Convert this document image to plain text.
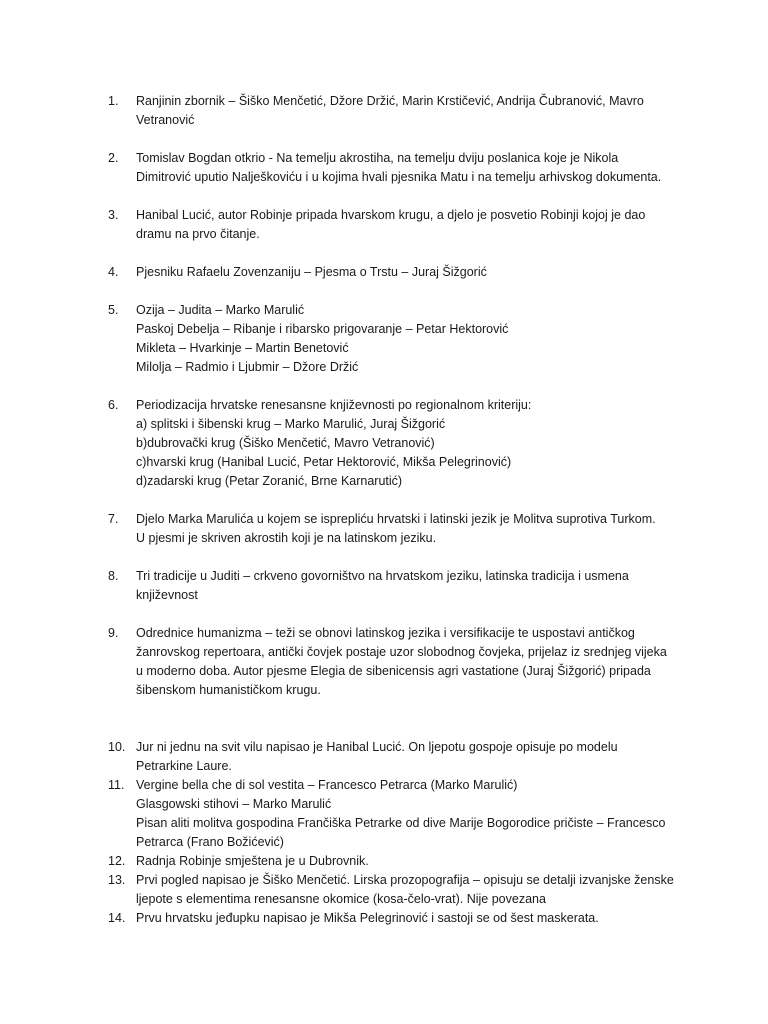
1.	Ranjinin zbornik – Šiško Menčetić, Džore Držić, Marin Krstičević, Andrija Čubranović, Mavro
Vetranović
2.	Tomislav Bogdan otkrio - Na temelju akrostiha, na temelju dviju poslanica koje je Nikola
Dimitrović uputio Nalješkoviću i u kojima hvali pjesnika Matu i na temelju arhivskog dokumenta.
3.	Hanibal Lucić, autor Robinje pripada hvarskom krugu, a djelo je posvetio Robinji kojoj je dao
dramu na prvo čitanje.
4.	Pjesniku Rafaelu Zovenzaniju – Pjesma o Trstu – Juraj Šižgorić
5.	Ozija – Judita – Marko Marulić
Paskoj Debelja – Ribanje i ribarsko prigovaranje – Petar Hektorović
Mikleta – Hvarkinje – Martin Benetović
Milolja – Radmio i Ljubmir – Džore Držić
6.	Periodizacija hrvatske renesansne književnosti po regionalnom kriteriju:
a) splitski i šibenski krug – Marko Marulić, Juraj Šižgorić
b)dubrovački krug (Šiško Menčetić, Mavro Vetranović)
c)hvarski krug (Hanibal Lucić, Petar Hektorović, Mikša Pelegrinović)
d)zadarski krug (Petar Zoranić, Brne Karnarutić)
7.	Djelo Marka Marulića u kojem se isprepliću hrvatski i latinski jezik je Molitva suprotiva Turkom.
U pjesmi je skriven akrostih koji je na latinskom jeziku.
8.	Tri tradicije u Juditi – crkveno govorništvo na hrvatskom jeziku, latinska tradicija i usmena
književnost
9.	Odrednice humanizma – teži se obnovi latinskog jezika i versifikacije te uspostavi antičkog
žanrovskog repertoara, antički čovjek postaje uzor slobodnog čovjeka, prijelaz iz srednjeg vijeka
u moderno doba. Autor pjesme Elegia de sibenicensis agri vastatione (Juraj Šižgorić) pripada
šibenskom humanističkom krugu.
10. Jur ni jednu na svit vilu napisao je Hanibal Lucić. On ljepotu gospoje opisuje po modelu
Petrarkine Laure.
11. Vergine bella che di sol vestita – Francesco Petrarca (Marko Marulić)
Glasgowski stihovi – Marko Marulić
Pisan aliti molitva gospodina Frančiška Petrarke od dive Marije Bogorodice pričiste – Francesco
Petrarca (Frano Božićević)
12. Radnja Robinje smještena je u Dubrovnik.
13. Prvi pogled napisao je Šiško Menčetić. Lirska prozopografija – opisuju se detalji izvanjske ženske
ljepote s elementima renesansne okomice (kosa-čelo-vrat). Nije povezana
14. Prvu hrvatsku jeđupku napisao je Mikša Pelegrinović i sastoji se od šest maskerata.
